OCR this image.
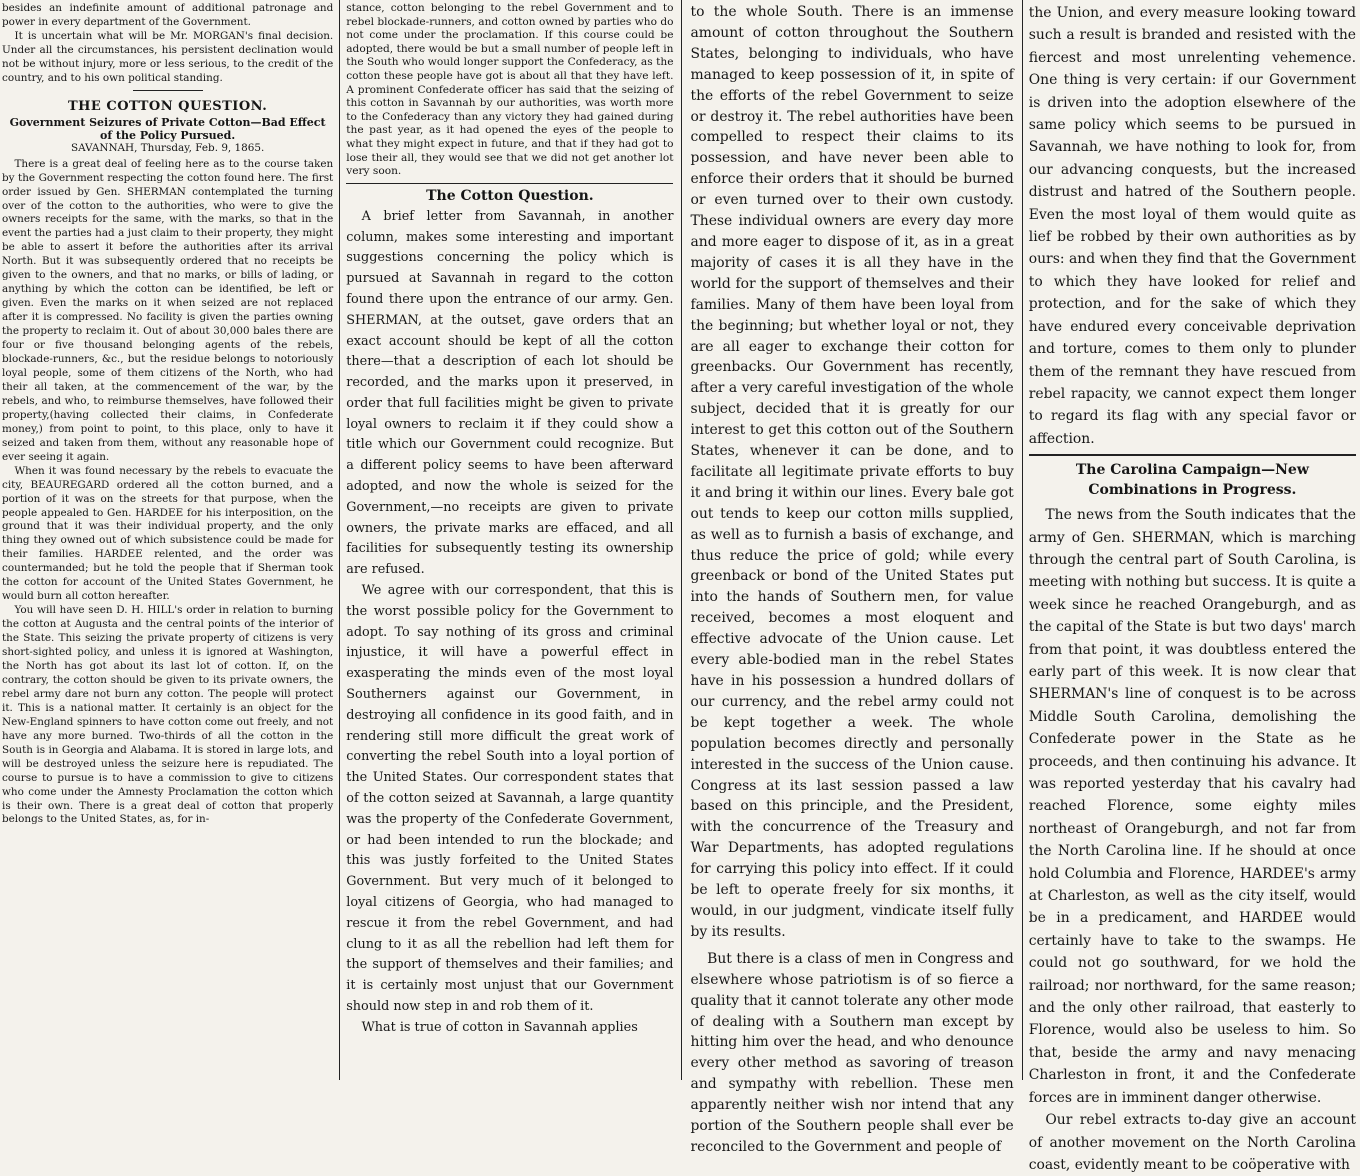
besides an indefinite amount of additional patronage and power in every department of the Government.

It is uncertain what will be Mr. MORGAN's final decision. Under all the circumstances, his persistent declination would not be without injury, more or less serious, to the credit of the country, and to his own political standing.

THE COTTON QUESTION.
Government Seizures of Private Cotton—Bad Effect of the Policy Pursued.
SAVANNAH, Thursday, Feb. 9, 1865.

There is a great deal of feeling here as to the course taken by the Government respecting the cotton found here. The first order issued by Gen. SHERMAN contemplated the turning over of the cotton to the authorities, who were to give the owners receipts for the same, with the marks, so that in the event the parties had a just claim to their property, they might be able to assert it before the authorities after its arrival North. But it was subsequently ordered that no receipts be given to the owners, and that no marks, or bills of lading, or anything by which the cotton can be identified, be left or given. Even the marks on it when seized are not replaced after it is compressed. No facility is given the parties owning the property to reclaim it. Out of about 30,000 bales there are four or five thousand belonging agents of the rebels, blockade-runners, &c., but the residue belongs to notoriously loyal people, some of them citizens of the North, who had their all taken, at the commencement of the war, by the rebels, and who, to reimburse themselves, have followed their property,(having collected their claims, in Confederate money,) from point to point, to this place, only to have it seized and taken from them, without any reasonable hope of ever seeing it again.

When it was found necessary by the rebels to evacuate the city, BEAUREGARD ordered all the cotton burned, and a portion of it was on the streets for that purpose, when the people appealed to Gen. HARDEE for his interposition, on the ground that it was their individual property, and the only thing they owned out of which subsistence could be made for their families. HARDEE relented, and the order was countermanded; but he told the people that if Sherman took the cotton for account of the United States Government, he would burn all cotton hereafter.

You will have seen D. H. HILL's order in relation to burning the cotton at Augusta and the central points of the interior of the State. This seizing the private property of citizens is very short-sighted policy, and unless it is ignored at Washington, the North has got about its last lot of cotton. If, on the contrary, the cotton should be given to its private owners, the rebel army dare not burn any cotton. The people will protect it. This is a national matter. It certainly is an object for the New-England spinners to have cotton come out freely, and not have any more burned. Two-thirds of all the cotton in the South is in Georgia and Alabama. It is stored in large lots, and will be destroyed unless the seizure here is repudiated. The course to pursue is to have a commission to give to citizens who come under the Amnesty Proclamation the cotton which is their own. There is a great deal of cotton that properly belongs to the United States, as, for in-

stance, cotton belonging to the rebel Government and to rebel blockade-runners, and cotton owned by parties who do not come under the proclamation. If this course could be adopted, there would be but a small number of people left in the South who would longer support the Confederacy, as the cotton these people have got is about all that they have left. A prominent Confederate officer has said that the seizing of this cotton in Savannah by our authorities, was worth more to the Confederacy than any victory they had gained during the past year, as it had opened the eyes of the people to what they might expect in future, and that if they had got to lose their all, they would see that we did not get another lot very soon.

The Cotton Question.

A brief letter from Savannah, in another column, makes some interesting and important suggestions concerning the policy which is pursued at Savannah in regard to the cotton found there upon the entrance of our army. Gen. SHERMAN, at the outset, gave orders that an exact account should be kept of all the cotton there—that a description of each lot should be recorded, and the marks upon it preserved, in order that full facilities might be given to private loyal owners to reclaim it if they could show a title which our Government could recognize. But a different policy seems to have been afterward adopted, and now the whole is seized for the Government,—no receipts are given to private owners, the private marks are effaced, and all facilities for subsequently testing its ownership are refused.

We agree with our correspondent, that this is the worst possible policy for the Government to adopt. To say nothing of its gross and criminal injustice, it will have a powerful effect in exasperating the minds even of the most loyal Southerners against our Government, in destroying all confidence in its good faith, and in rendering still more difficult the great work of converting the rebel South into a loyal portion of the United States. Our correspondent states that of the cotton seized at Savannah, a large quantity was the property of the Confederate Government, or had been intended to run the blockade; and this was justly forfeited to the United States Government. But very much of it belonged to loyal citizens of Georgia, who had managed to rescue it from the rebel Government, and had clung to it as all the rebellion had left them for the support of themselves and their families; and it is certainly most unjust that our Government should now step in and rob them of it.

What is true of cotton in Savannah applies

to the whole South. There is an immense amount of cotton throughout the Southern States, belonging to individuals, who have managed to keep possession of it, in spite of the efforts of the rebel Government to seize or destroy it. The rebel authorities have been compelled to respect their claims to its possession, and have never been able to enforce their orders that it should be burned or even turned over to their own custody. These individual owners are every day more and more eager to dispose of it, as in a great majority of cases it is all they have in the world for the support of themselves and their families. Many of them have been loyal from the beginning; but whether loyal or not, they are all eager to exchange their cotton for greenbacks. Our Government has recently, after a very careful investigation of the whole subject, decided that it is greatly for our interest to get this cotton out of the Southern States, whenever it can be done, and to facilitate all legitimate private efforts to buy it and bring it within our lines. Every bale got out tends to keep our cotton mills supplied, as well as to furnish a basis of exchange, and thus reduce the price of gold; while every greenback or bond of the United States put into the hands of Southern men, for value received, becomes a most eloquent and effective advocate of the Union cause. Let every able-bodied man in the rebel States have in his possession a hundred dollars of our currency, and the rebel army could not be kept together a week. The whole population becomes directly and personally interested in the success of the Union cause. Congress at its last session passed a law based on this principle, and the President, with the concurrence of the Treasury and War Departments, has adopted regulations for carrying this policy into effect. If it could be left to operate freely for six months, it would, in our judgment, vindicate itself fully by its results.

But there is a class of men in Congress and elsewhere whose patriotism is of so fierce a quality that it cannot tolerate any other mode of dealing with a Southern man except by hitting him over the head, and who denounce every other method as savoring of treason and sympathy with rebellion. These men apparently neither wish nor intend that any portion of the Southern people shall ever be reconciled to the Government and people of

the Union, and every measure looking toward such a result is branded and resisted with the fiercest and most unrelenting vehemence. One thing is very certain: if our Government is driven into the adoption elsewhere of the same policy which seems to be pursued in Savannah, we have nothing to look for, from our advancing conquests, but the increased distrust and hatred of the Southern people. Even the most loyal of them would quite as lief be robbed by their own authorities as by ours: and when they find that the Government to which they have looked for relief and protection, and for the sake of which they have endured every conceivable deprivation and torture, comes to them only to plunder them of the remnant they have rescued from rebel rapacity, we cannot expect them longer to regard its flag with any special favor or affection.

The Carolina Campaign—New Combinations in Progress.

The news from the South indicates that the army of Gen. SHERMAN, which is marching through the central part of South Carolina, is meeting with nothing but success. It is quite a week since he reached Orangeburgh, and as the capital of the State is but two days' march from that point, it was doubtless entered the early part of this week. It is now clear that SHERMAN's line of conquest is to be across Middle South Carolina, demolishing the Confederate power in the State as he proceeds, and then continuing his advance. It was reported yesterday that his cavalry had reached Florence, some eighty miles northeast of Orangeburgh, and not far from the North Carolina line. If he should at once hold Columbia and Florence, HARDEE's army at Charleston, as well as the city itself, would be in a predicament, and HARDEE would certainly have to take to the swamps. He could not go southward, for we hold the railroad; nor northward, for the same reason; and the only other railroad, that easterly to Florence, would also be useless to him. So that, beside the army and navy menacing Charleston in front, it and the Confederate forces are in imminent danger otherwise.

Our rebel extracts to-day give an account of another movement on the North Carolina coast, evidently meant to be coöperative with
